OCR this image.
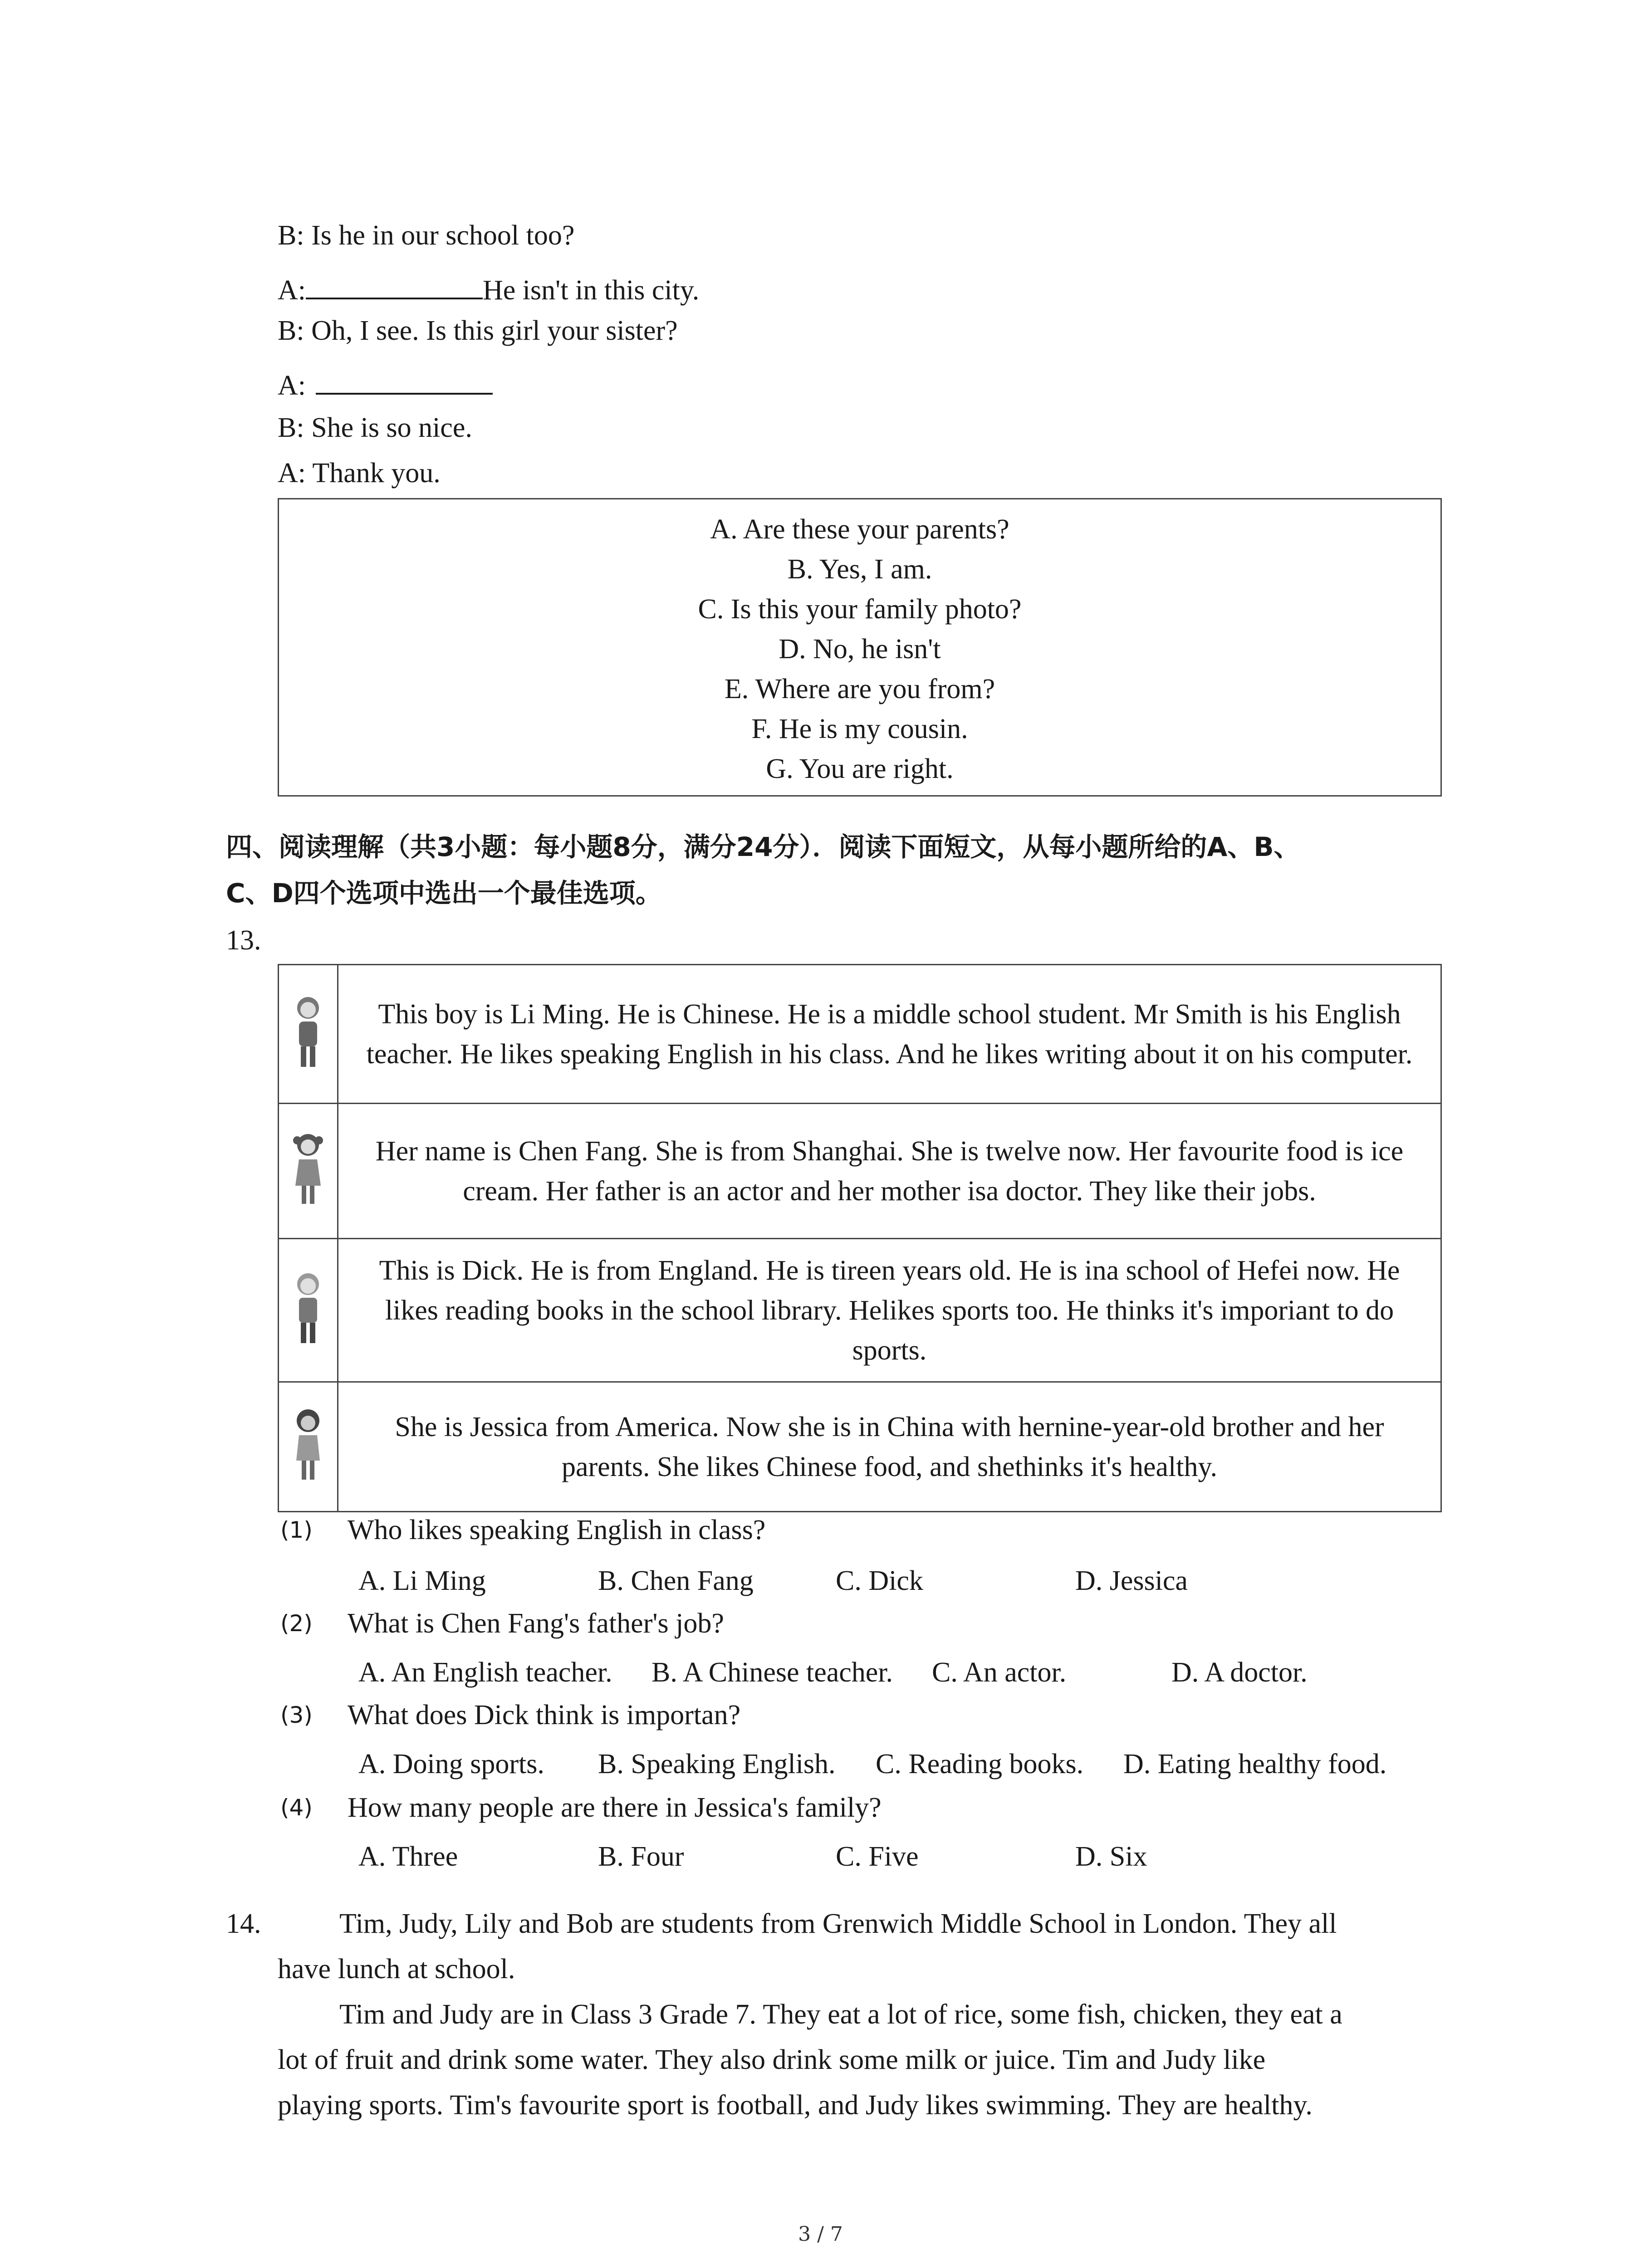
B: Is he in our school too?
A:	He isn't in this city.
B: Oh, I see. Is this girl your sister?
A:
B: She is so nice.
A: Thank you.
A. Are these your parents?
B. Yes, I am.
C. Is this your family photo?
D. No, he isn't
E. Where are you from?
F. He is my cousin.
G. You are right.
四、阅读理解（共3小题：每小题8分，满分24分）．阅读下面短文，从每小题所给的A、B、
C、D四个选项中选出一个最佳选项。
13.
	This boy is Li Ming. He is Chinese. He is a middle school student. Mr Smith is his English teacher. He likes speaking English in his class. And he likes writing about it on his computer.
	Her name is Chen Fang. She is from Shanghai. She is twelve now. Her favourite food is ice cream. Her father is an actor and her mother isa doctor. They like their jobs.
	This is Dick. He is from England. He is tireen years old. He is ina school of Hefei now. He likes reading books in the school library. Helikes sports too. He thinks it's imporiant to do sports.
	She is Jessica from America. Now she is in China with hernine-year-old brother and her parents. She likes Chinese food, and shethinks it's healthy.
(1) Who likes speaking English in class?
A. Li Ming	B. Chen Fang	C. Dick	D. Jessica
(2) What is Chen Fang's father's job?
A. An English teacher. B. A Chinese teacher. C. An actor.	D. A doctor.
(3) What does Dick think is importan?
A. Doing sports. B. Speaking English. C. Reading books. D. Eating healthy food.
(4) How many people are there in Jessica's family?
A. Three	B. Four	C. Five	D. Six
14.	Tim, Judy, Lily and Bob are students from Grenwich Middle School in London. They all
have lunch at school.
Tim and Judy are in Class 3 Grade 7. They eat a lot of rice, some fish, chicken, they eat a
lot of fruit and drink some water. They also drink some milk or juice. Tim and Judy like
playing sports. Tim's favourite sport is football, and Judy likes swimming. They are healthy.
3 / 7
